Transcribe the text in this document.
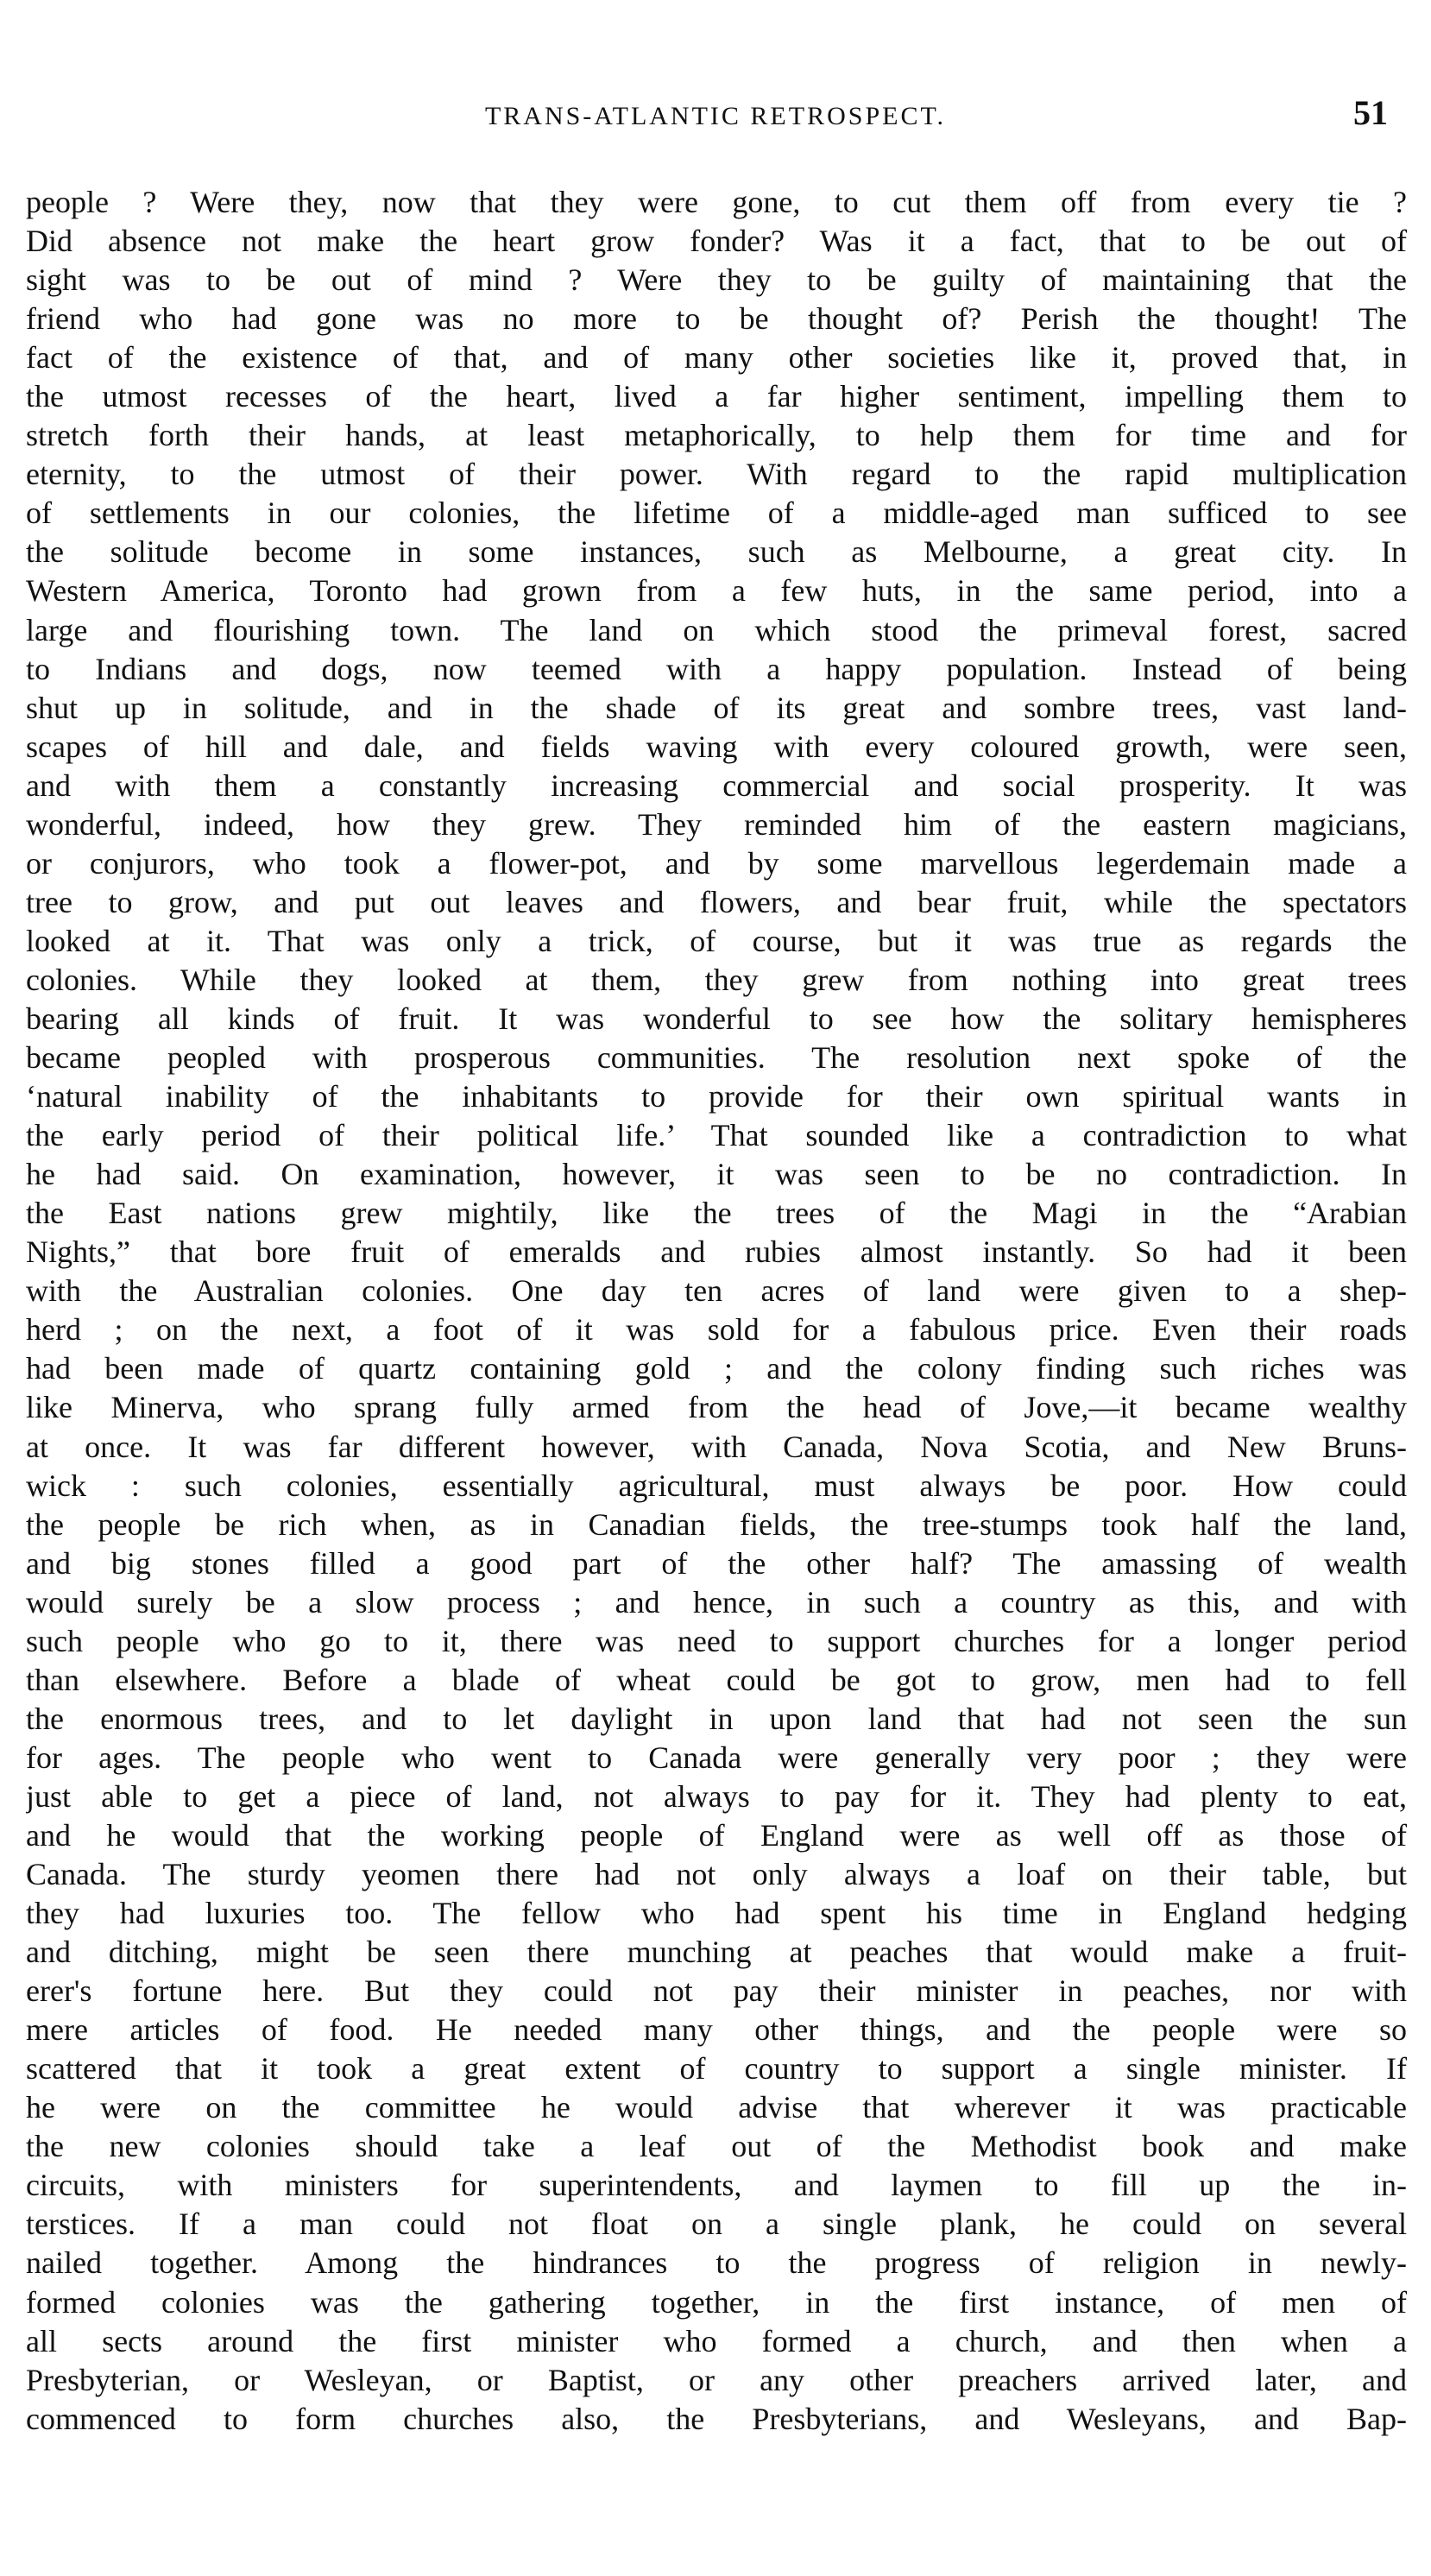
TRANS-ATLANTIC RETROSPECT.	51
people ? Were they, now that they were gone, to cut them off from every tie ?
Did absence not make the heart grow fonder? Was it a fact, that to be out of
sight was to be out of mind ? Were they to be guilty of maintaining that the
friend who had gone was no more to be thought of? Perish the thought! The
fact of the existence of that, and of many other societies like it, proved that, in
the utmost recesses of the heart, lived a far higher sentiment, impelling them to
stretch forth their hands, at least metaphorically, to help them for time and for
eternity, to the utmost of their power. With regard to the rapid multiplication
of settlements in our colonies, the lifetime of a middle-aged man sufficed to see
the solitude become in some instances, such as Melbourne, a great city. In
Western America, Toronto had grown from a few huts, in the same period, into a
large and flourishing town. The land on which stood the primeval forest, sacred
to Indians and dogs, now teemed with a happy population. Instead of being
shut up in solitude, and in the shade of its great and sombre trees, vast land-
scapes of hill and dale, and fields waving with every coloured growth, were seen,
and with them a constantly increasing commercial and social prosperity. It was
wonderful, indeed, how they grew. They reminded him of the eastern magicians,
or conjurors, who took a flower-pot, and by some marvellous legerdemain made a
tree to grow, and put out leaves and flowers, and bear fruit, while the spectators
looked at it. That was only a trick, of course, but it was true as regards the
colonies. While they looked at them, they grew from nothing into great trees
bearing all kinds of fruit. It was wonderful to see how the solitary hemispheres
became peopled with prosperous communities. The resolution next spoke of the
‘natural inability of the inhabitants to provide for their own spiritual wants in
the early period of their political life.’ That sounded like a contradiction to what
he had said. On examination, however, it was seen to be no contradiction. In
the East nations grew mightily, like the trees of the Magi in the “Arabian
Nights,” that bore fruit of emeralds and rubies almost instantly. So had it been
with the Australian colonies. One day ten acres of land were given to a shep-
herd ; on the next, a foot of it was sold for a fabulous price. Even their roads
had been made of quartz containing gold ; and the colony finding such riches was
like Minerva, who sprang fully armed from the head of Jove,—it became wealthy
at once. It was far different however, with Canada, Nova Scotia, and New Bruns-
wick : such colonies, essentially agricultural, must always be poor. How could
the people be rich when, as in Canadian fields, the tree-stumps took half the land,
and big stones filled a good part of the other half? The amassing of wealth
would surely be a slow process ; and hence, in such a country as this, and with
such people who go to it, there was need to support churches for a longer period
than elsewhere. Before a blade of wheat could be got to grow, men had to fell
the enormous trees, and to let daylight in upon land that had not seen the sun
for ages. The people who went to Canada were generally very poor ; they were
just able to get a piece of land, not always to pay for it. They had plenty to eat,
and he would that the working people of England were as well off as those of
Canada. The sturdy yeomen there had not only always a loaf on their table, but
they had luxuries too. The fellow who had spent his time in England hedging
and ditching, might be seen there munching at peaches that would make a fruit-
erer's fortune here. But they could not pay their minister in peaches, nor with
mere articles of food. He needed many other things, and the people were so
scattered that it took a great extent of country to support a single minister. If
he were on the committee he would advise that wherever it was practicable
the new colonies should take a leaf out of the Methodist book and make
circuits, with ministers for superintendents, and laymen to fill up the in-
terstices. If a man could not float on a single plank, he could on several
nailed together. Among the hindrances to the progress of religion in newly-
formed colonies was the gathering together, in the first instance, of men of
all sects around the first minister who formed a church, and then when a
Presbyterian, or Wesleyan, or Baptist, or any other preachers arrived later, and
commenced to form churches also, the Presbyterians, and Wesleyans, and Bap-
